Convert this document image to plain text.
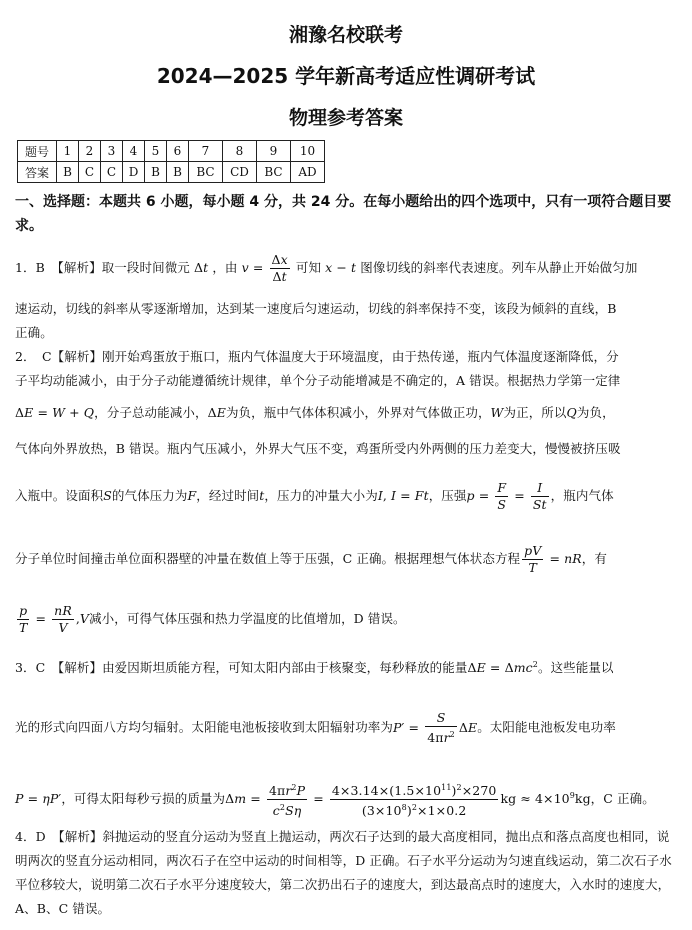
湘豫名校联考
2024—2025 学年新高考适应性调研考试
物理参考答案
题号	1	2	3	4	5	6	7	8	9	10
答案	B	C	C	D	B	B	BC	CD	BC	AD
一、选择题：本题共 6 小题，每小题 4 分，共 24 分。在每小题给出的四个选项中，只有一项符合题目要求。
1．B　【解析】取一段时间微元 Δt ，由 $v = \frac{\Delta x}{\Delta t}$ 可知 x − t 图像切线的斜率代表速度。列车从静止开始做匀加
速运动，切线的斜率从零逐渐增加，达到某一速度后匀速运动，切线的斜率保持不变，该段为倾斜的直线，B
正确。
2．　C【解析】刚开始鸡蛋放于瓶口，瓶内气体温度大于环境温度，由于热传递，瓶内气体温度逐渐降低，分
子平均动能减小，由于分子动能遵循统计规律，单个分子动能增减是不确定的，A 错误。根据热力学第一定律
ΔE = W + Q，分子总动能减小，ΔE为负，瓶中气体体积减小，外界对气体做正功，W为正，所以Q为负，
气体向外界放热，B 错误。瓶内气压减小，外界大气压不变，鸡蛋所受内外两侧的压力差变大，慢慢被挤压吸
入瓶中。设面积S的气体压力为F，经过时间t，压力的冲量大小为I, I = Ft，压强$p = \frac{F}{S} = \frac{I}{St}$ ，瓶内气体
分子单位时间撞击单位面积器壁的冲量在数值上等于压强，C 正确。根据理想气体状态方程 $\frac{pV}{T}$ = nR，有
$\frac{p}{T} = \frac{nR}{V} ,V$减小，可得气体压强和热力学温度的比值增加，D 错误。
3．C　【解析】由爱因斯坦质能方程，可知太阳内部由于核聚变，每秒释放的能量ΔE = Δmc$^2$。这些能量以
光的形式向四面八方均匀辐射。太阳能电池板接收到太阳辐射功率为$P' = \frac{S}{4\pi r^2}$ ΔE。太阳能电池板发电功率
P = ηP′，可得太阳每秒亏损的质量为$\Delta m = \frac{4\pi r^2P}{c^2S\eta} = \frac{4\times 3.14\times(1.5\times 10^{11})^2\times 270}{(3\times 10^8)^2\times 1\times 0.2}$ kg ≈ $4\times 10^9kg$，C 正确。
4．D　【解析】斜抛运动的竖直分运动为竖直上抛运动，两次石子达到的最大高度相同，抛出点和落点高度也相同，说明两次的竖直分运动相同，两次石子在空中运动的时间相等，D 正确。石子水平分运动为匀速直线运动，第二次石子水平位移较大，说明第二次石子水平分速度较大，第二次扔出石子的速度大，到达最高点时的速度大，入水时的速度大，A、B、C 错误。
